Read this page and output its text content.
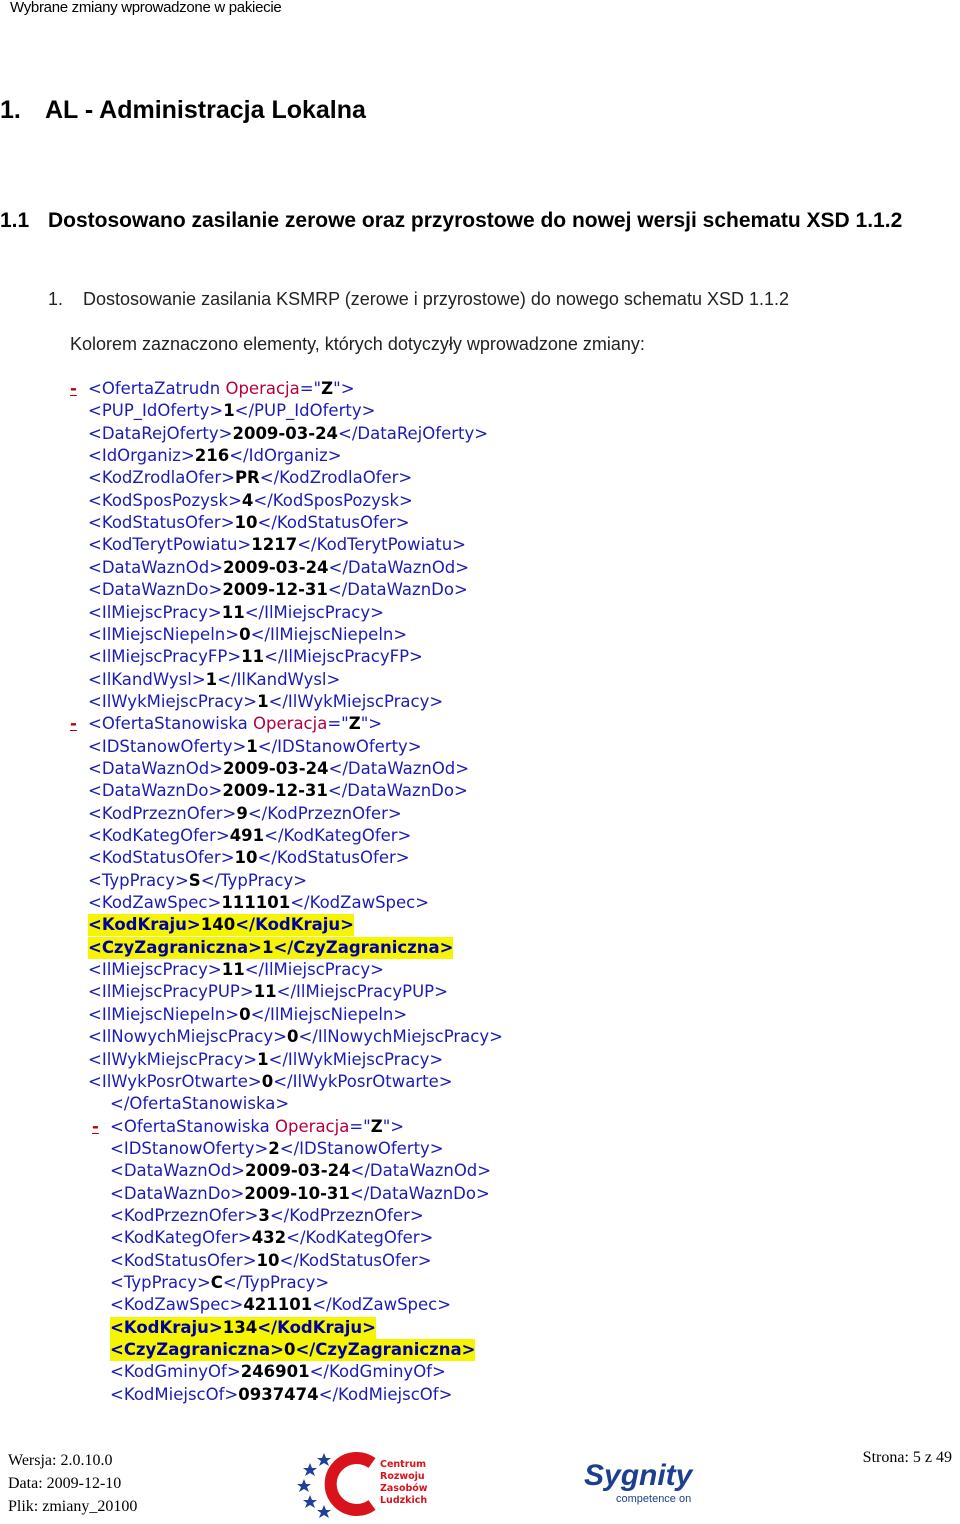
Wybrane zmiany wprowadzone w pakiecie
1. AL - Administracja Lokalna
1.1 Dostosowano zasilanie zerowe oraz przyrostowe do nowej wersji schematu XSD 1.1.2
1. Dostosowanie zasilania KSMRP (zerowe i przyrostowe) do nowego schematu XSD 1.1.2
Kolorem zaznaczono elementy, których dotyczyły wprowadzone zmiany:
- <OfertaZatrudn Operacja="Z">
<PUP_IdOferty>1</PUP_IdOferty>
<DataRejOferty>2009-03-24</DataRejOferty>
<IdOrganiz>216</IdOrganiz>
<KodZrodlaOfer>PR</KodZrodlaOfer>
<KodSposPozysk>4</KodSposPozysk>
<KodStatusOfer>10</KodStatusOfer>
<KodTerytPowiatu>1217</KodTerytPowiatu>
<DataWaznOd>2009-03-24</DataWaznOd>
<DataWaznDo>2009-12-31</DataWaznDo>
<IlMiejscPracy>11</IlMiejscPracy>
<IlMiejscNiepeln>0</IlMiejscNiepeln>
<IlMiejscPracyFP>11</IlMiejscPracyFP>
<IlKandWysl>1</IlKandWysl>
<IlWykMiejscPracy>1</IlWykMiejscPracy>
- <OfertaStanowiska Operacja="Z">
<IDStanowOferty>1</IDStanowOferty>
<DataWaznOd>2009-03-24</DataWaznOd>
<DataWaznDo>2009-12-31</DataWaznDo>
<KodPrzeznOfer>9</KodPrzeznOfer>
<KodKategOfer>491</KodKategOfer>
<KodStatusOfer>10</KodStatusOfer>
<TypPracy>S</TypPracy>
<KodZawSpec>111101</KodZawSpec>
<KodKraju>140</KodKraju>
<CzyZagraniczna>1</CzyZagraniczna>
<IlMiejscPracy>11</IlMiejscPracy>
<IlMiejscPracyPUP>11</IlMiejscPracyPUP>
<IlMiejscNiepeln>0</IlMiejscNiepeln>
<IlNowychMiejscPracy>0</IlNowychMiejscPracy>
<IlWykMiejscPracy>1</IlWykMiejscPracy>
<IlWykPosrOtwarte>0</IlWykPosrOtwarte>
</OfertaStanowiska>
- <OfertaStanowiska Operacja="Z">
<IDStanowOferty>2</IDStanowOferty>
<DataWaznOd>2009-03-24</DataWaznOd>
<DataWaznDo>2009-10-31</DataWaznDo>
<KodPrzeznOfer>3</KodPrzeznOfer>
<KodKategOfer>432</KodKategOfer>
<KodStatusOfer>10</KodStatusOfer>
<TypPracy>C</TypPracy>
<KodZawSpec>421101</KodZawSpec>
<KodKraju>134</KodKraju>
<CzyZagraniczna>0</CzyZagraniczna>
<KodGminyOf>246901</KodGminyOf>
<KodMiejscOf>0937474</KodMiejscOf>
Wersja: 2.0.10.0
Data: 2009-12-10
Plik: zmiany_20100
Centrum
Rozwoju
Zasobów
Ludzkich
Sygnity
competence on
Strona: 5 z 49
